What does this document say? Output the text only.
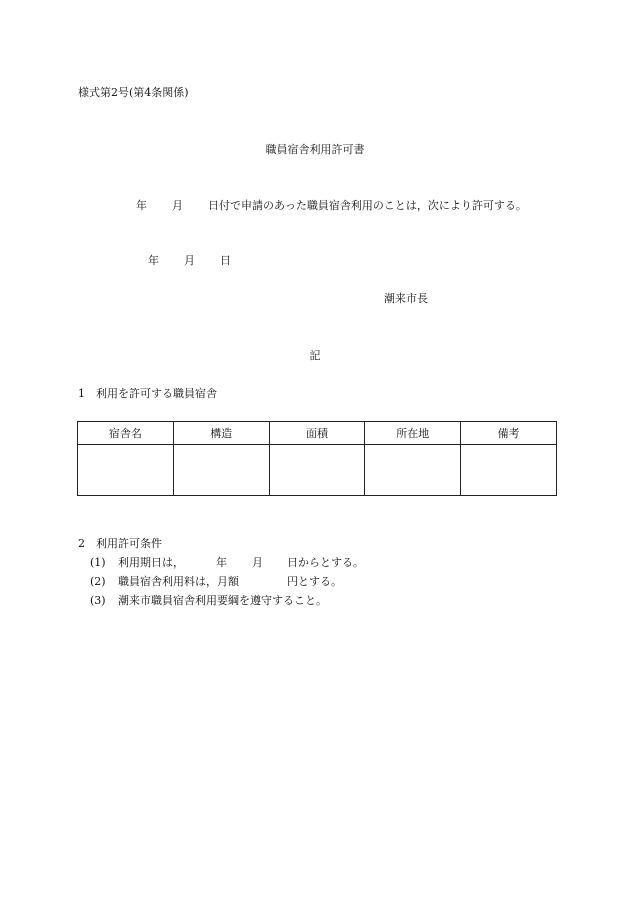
様式第2号(第4条関係)
職員宿舎利用許可書
年 月 日付で申請のあった職員宿舎利用のことは，次により許可する。
年 月 日
潮来市長
記
1　利用を許可する職員宿舎
宿舎名	構造	面積	所在地	備考

2　利用許可条件
(1) 利用期日は，	年 月 日からとする。
(2) 職員宿舎利用料は，月額	円とする。
(3) 潮来市職員宿舎利用要綱を遵守すること。
